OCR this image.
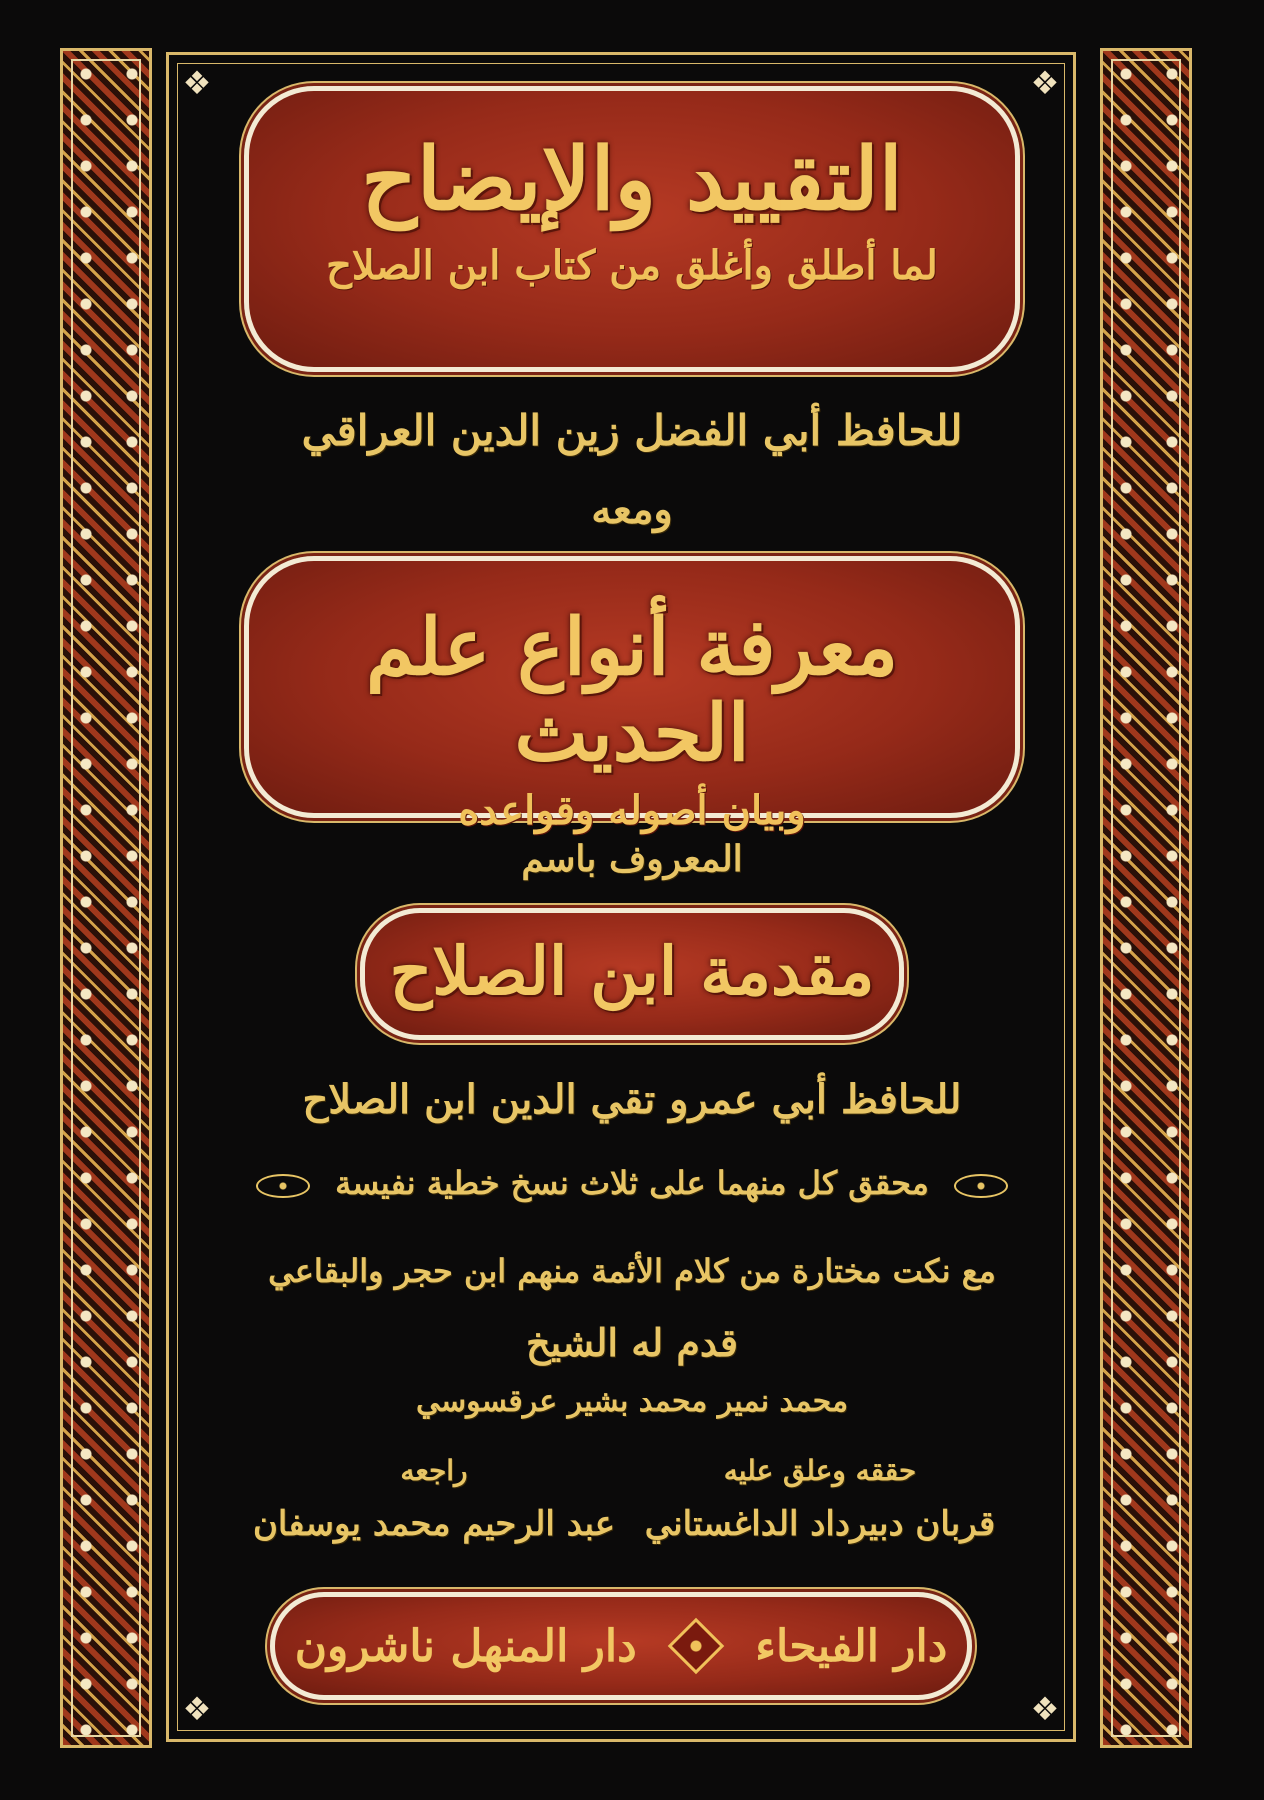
❖	❖
❖	❖
التقييد والإيضاح
لما أطلق وأغلق من كتاب ابن الصلاح
للحافظ أبي الفضل زين الدين العراقي
ومعه
معرفة أنواع علم الحديث
وبيان أصوله وقواعده
المعروف باسم
مقدمة ابن الصلاح
للحافظ أبي عمرو تقي الدين ابن الصلاح
محقق كل منهما على ثلاث نسخ خطية نفيسة
مع نكت مختارة من كلام الأئمة منهم ابن حجر والبقاعي
قدم له الشيخ
محمد نمير محمد بشير عرقسوسي
حققه وعلق عليه
قربان دبيرداد الداغستاني
راجعه
عبد الرحيم محمد يوسفان
دار الفيحاء
دار المنهل ناشرون
